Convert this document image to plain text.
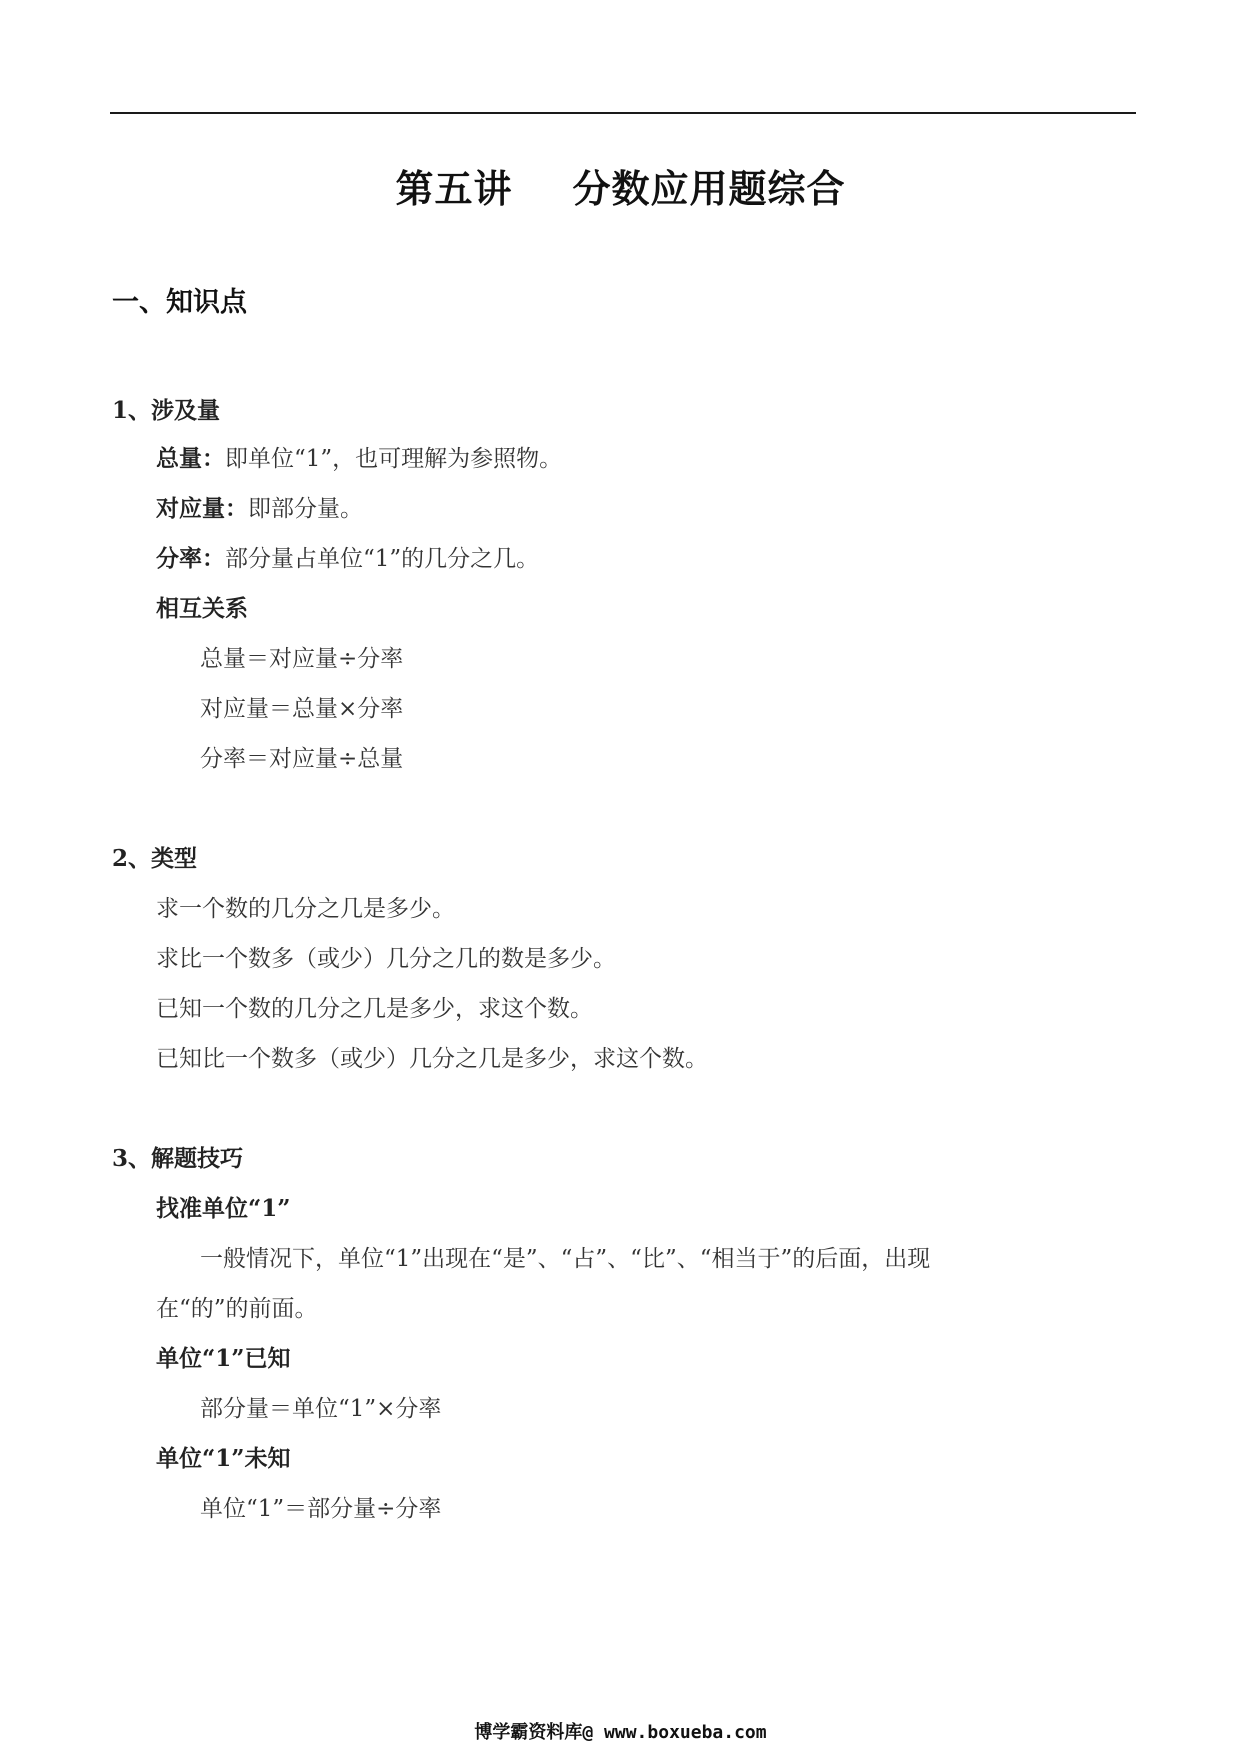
第五讲 分数应用题综合
一、知识点
1、涉及量
总量：即单位“1”，也可理解为参照物。
对应量：即部分量。
分率：部分量占单位“1”的几分之几。
相互关系
总量＝对应量÷分率
对应量＝总量×分率
分率＝对应量÷总量
2、类型
求一个数的几分之几是多少。
求比一个数多（或少）几分之几的数是多少。
已知一个数的几分之几是多少，求这个数。
已知比一个数多（或少）几分之几是多少，求这个数。
3、解题技巧
找准单位“1”
一般情况下，单位“1”出现在“是”、“占”、“比”、“相当于”的后面，出现
在“的”的前面。
单位“1”已知
部分量＝单位“1”×分率
单位“1”未知
单位“1”＝部分量÷分率
博学霸资料库@ www.boxueba.com
